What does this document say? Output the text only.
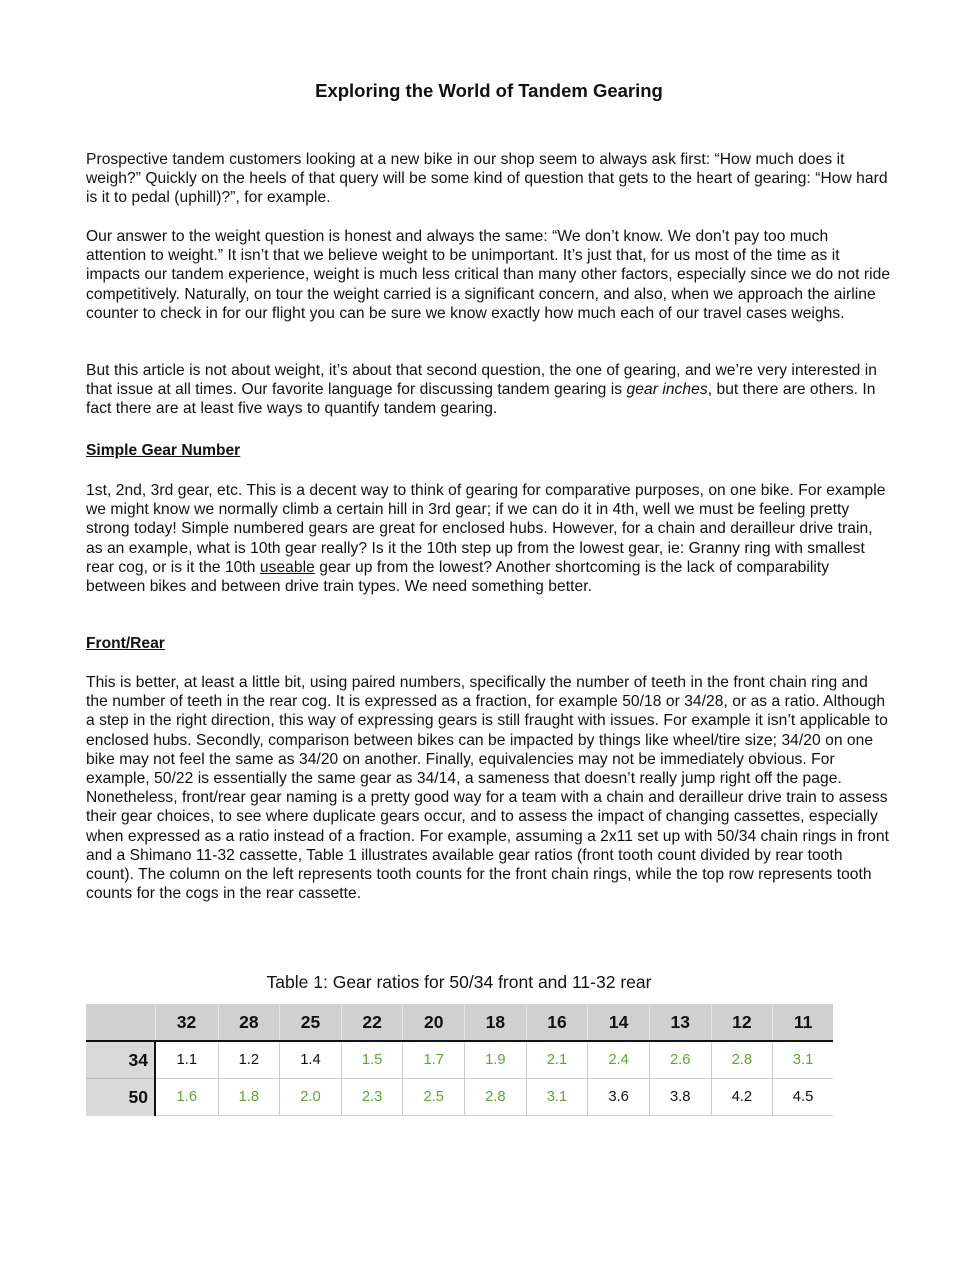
Exploring the World of Tandem Gearing

Prospective tandem customers looking at a new bike in our shop seem to always ask first: “How much does it weigh?” Quickly on the heels of that query will be some kind of question that gets to the heart of gearing: “How hard is it to pedal (uphill)?”, for example.

Our answer to the weight question is honest and always the same: “We don’t know. We don’t pay too much attention to weight.” It isn’t that we believe weight to be unimportant. It’s just that, for us most of the time as it impacts our tandem experience, weight is much less critical than many other factors, especially since we do not ride competitively. Naturally, on tour the weight carried is a significant concern, and also, when we approach the airline counter to check in for our flight you can be sure we know exactly how much each of our travel cases weighs.

But this article is not about weight, it’s about that second question, the one of gearing, and we’re very interested in that issue at all times. Our favorite language for discussing tandem gearing is gear inches, but there are others. In fact there are at least five ways to quantify tandem gearing.

Simple Gear Number

1st, 2nd, 3rd gear, etc. This is a decent way to think of gearing for comparative purposes, on one bike. For example we might know we normally climb a certain hill in 3rd gear; if we can do it in 4th, well we must be feeling pretty strong today! Simple numbered gears are great for enclosed hubs. However, for a chain and derailleur drive train, as an example, what is 10th gear really? Is it the 10th step up from the lowest gear, ie: Granny ring with smallest rear cog, or is it the 10th useable gear up from the lowest? Another shortcoming is the lack of comparability between bikes and between drive train types. We need something better.

Front/Rear

This is better, at least a little bit, using paired numbers, specifically the number of teeth in the front chain ring and the number of teeth in the rear cog. It is expressed as a fraction, for example 50/18 or 34/28, or as a ratio. Although a step in the right direction, this way of expressing gears is still fraught with issues. For example it isn’t applicable to enclosed hubs. Secondly, comparison between bikes can be impacted by things like wheel/tire size; 34/20 on one bike may not feel the same as 34/20 on another. Finally, equivalencies may not be immediately obvious. For example, 50/22 is essentially the same gear as 34/14, a sameness that doesn’t really jump right off the page. Nonetheless, front/rear gear naming is a pretty good way for a team with a chain and derailleur drive train to assess their gear choices, to see where duplicate gears occur, and to assess the impact of changing cassettes, especially when expressed as a ratio instead of a fraction. For example, assuming a 2x11 set up with 50/34 chain rings in front and a Shimano 11-32 cassette, Table 1 illustrates available gear ratios (front tooth count divided by rear tooth count). The column on the left represents tooth counts for the front chain rings, while the top row represents tooth counts for the cogs in the rear cassette.

Table 1: Gear ratios for 50/34 front and 11-32 rear
	32	28	25	22	20	18	16	14	13	12	11
34	1.1	1.2	1.4	1.5	1.7	1.9	2.1	2.4	2.6	2.8	3.1
50	1.6	1.8	2.0	2.3	2.5	2.8	3.1	3.6	3.8	4.2	4.5
